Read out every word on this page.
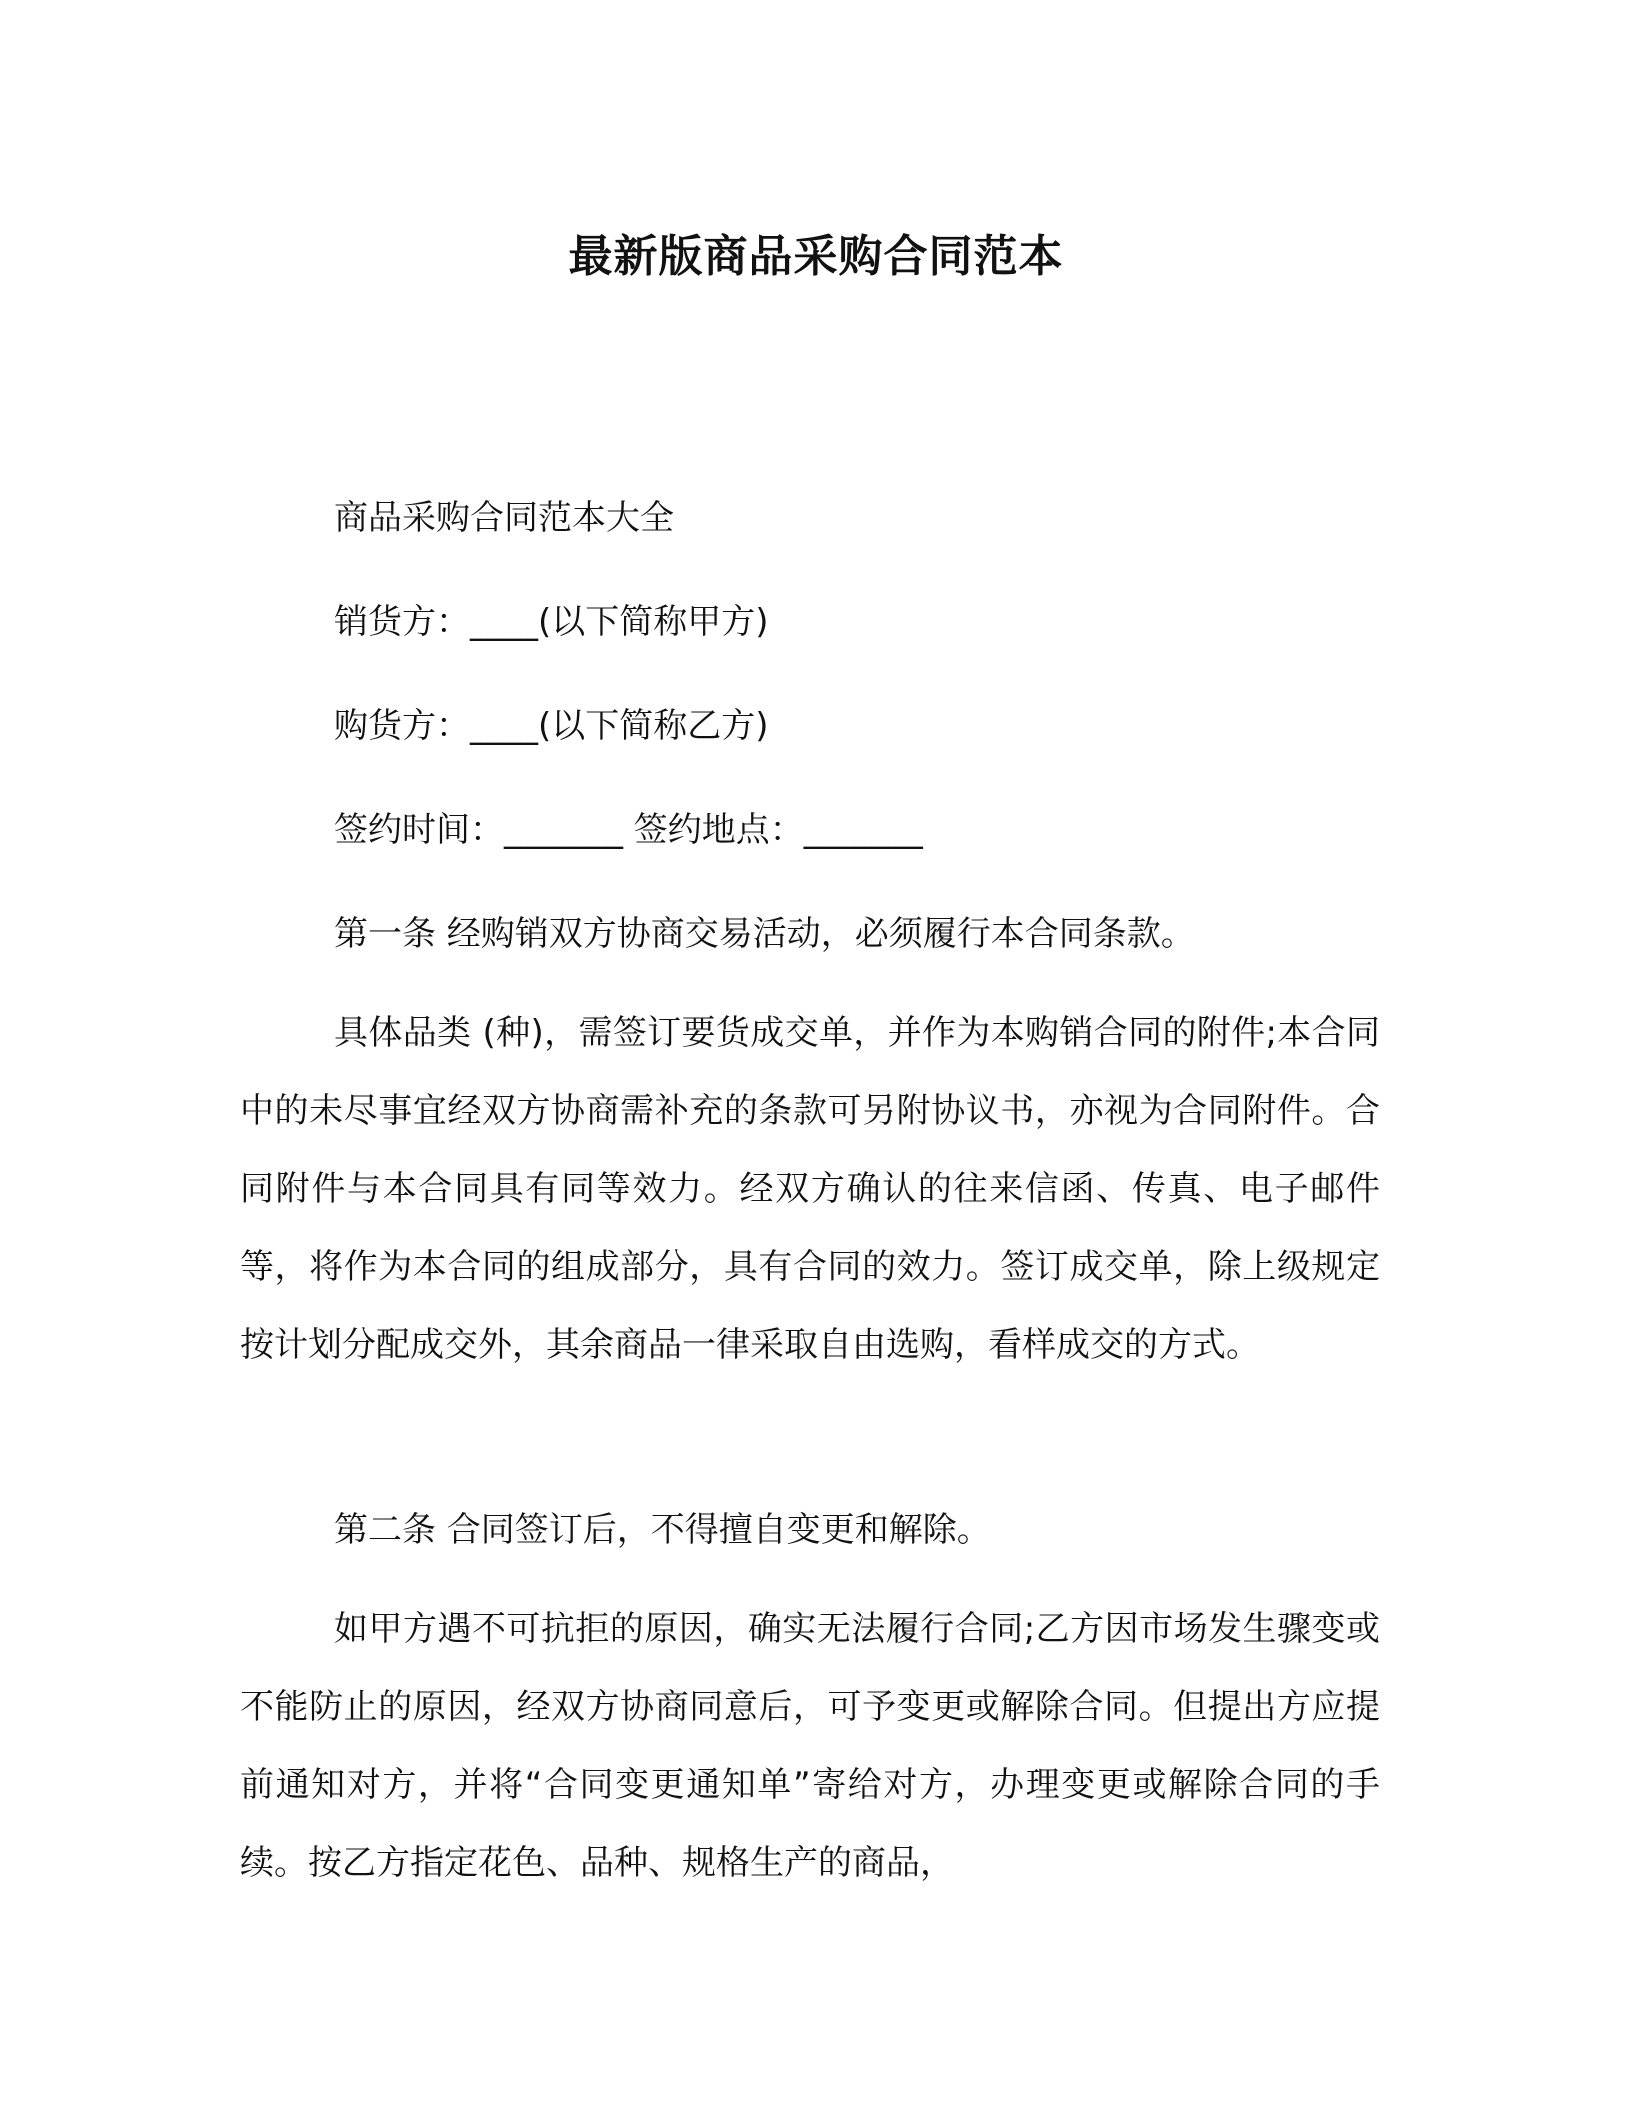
最新版商品采购合同范本
商品采购合同范本大全
销货方：____(以下简称甲方)
购货方：____(以下简称乙方)
签约时间：_______ 签约地点：_______
第一条 经购销双方协商交易活动，必须履行本合同条款。

具体品类 (种)，需签订要货成交单，并作为本购销合同的附件;本合同中的未尽事宜经双方协商需补充的条款可另附协议书，亦视为合同附件。合同附件与本合同具有同等效力。经双方确认的往来信函、传真、电子邮件等，将作为本合同的组成部分，具有合同的效力。签订成交单，除上级规定按计划分配成交外，其余商品一律采取自由选购，看样成交的方式。

第二条 合同签订后，不得擅自变更和解除。

如甲方遇不可抗拒的原因，确实无法履行合同;乙方因市场发生骤变或不能防止的原因，经双方协商同意后，可予变更或解除合同。但提出方应提前通知对方，并将“合同变更通知单”寄给对方，办理变更或解除合同的手续。按乙方指定花色、品种、规格生产的商品，
